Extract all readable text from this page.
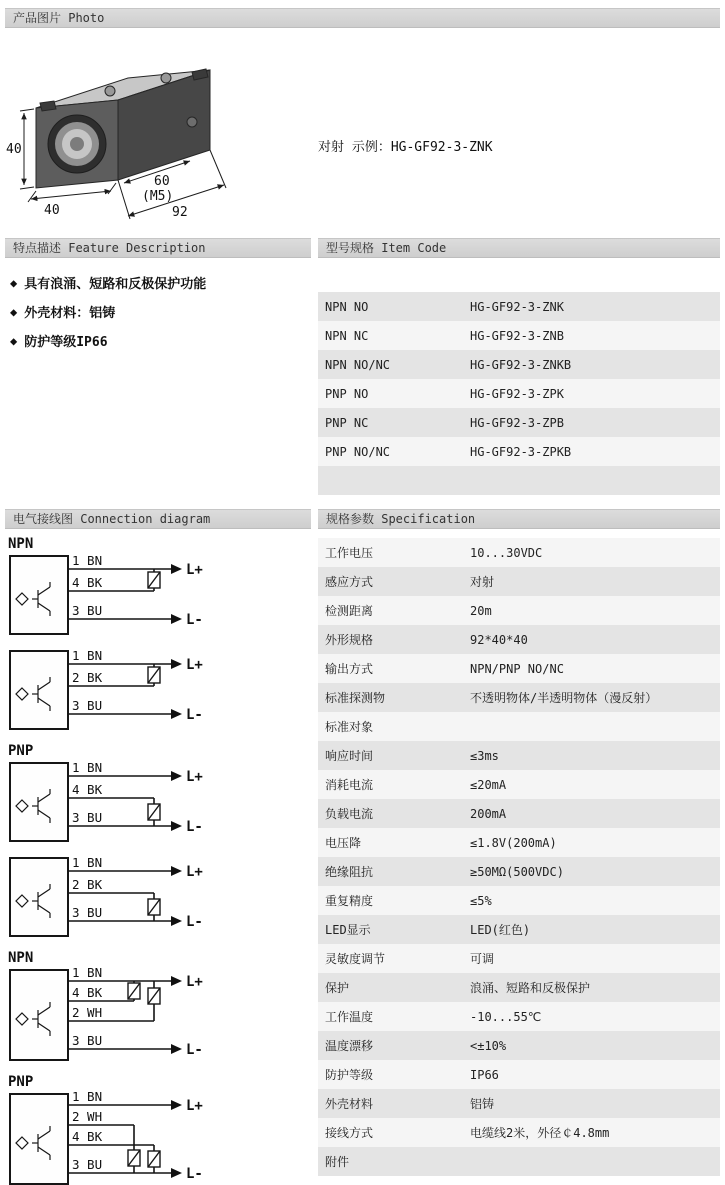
产品图片 Photo
40
40
60
(M5)
92
对射 示例：HG-GF92-3-ZNK
特点描述 Feature Description	型号规格 Item Code
◆ 具有浪涌、短路和反极保护功能
◆ 外壳材料：铝铸
◆ 防护等级IP66
NPN NO	HG-GF92-3-ZNK
NPN NC	HG-GF92-3-ZNB
NPN NO/NC	HG-GF92-3-ZNKB
PNP NO	HG-GF92-3-ZPK
PNP NC	HG-GF92-3-ZPB
PNP NO/NC	HG-GF92-3-ZPKB
电气接线图 Connection diagram	规格参数 Specification
NPN
L+
1 BN
4 BK
L-
3 BU
L+
1 BN
2 BK
L-
3 BU
PNP
L+
1 BN
4 BK
L-
3 BU
L+
1 BN
2 BK
L-
3 BU
NPN
L+
1 BN
4 BK
2 WH
L-
3 BU
PNP
L+
1 BN
2 WH
4 BK
L-
3 BU
工作电压	10...30VDC
感应方式	对射
检测距离	20m
外形规格	92*40*40
输出方式	NPN/PNP NO/NC
标准探测物	不透明物体/半透明物体（漫反射）
标准对象
响应时间	≤3ms
消耗电流	≤20mA
负载电流	200mA
电压降	≤1.8V(200mA)
绝缘阻抗	≥50MΩ(500VDC)
重复精度	≤5%
LED显示	LED(红色)
灵敏度调节	可调
保护	浪涌、短路和反极保护
工作温度	-10...55℃
温度漂移	<±10%
防护等级	IP66
外壳材料	铝铸
接线方式	电缆线2米，外径￠4.8mm
附件
